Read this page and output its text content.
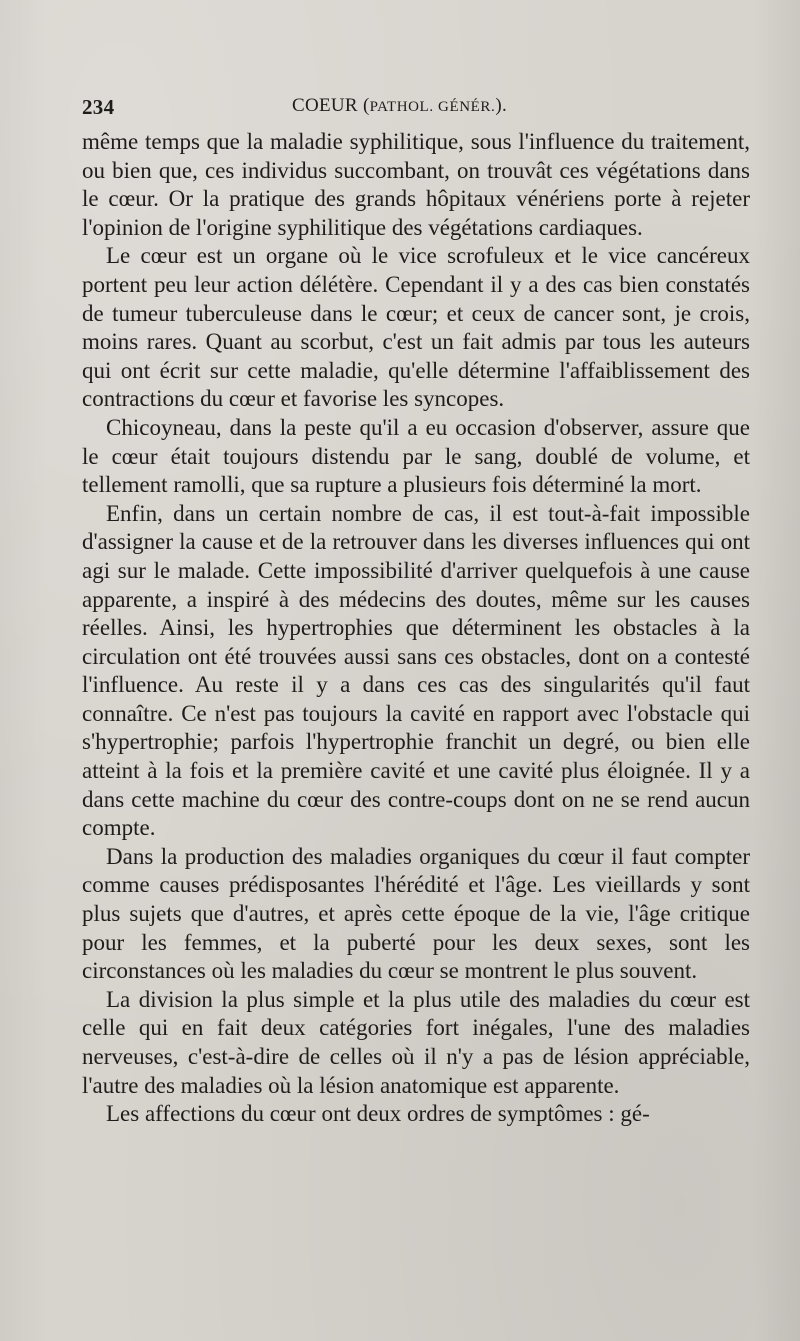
234	COEUR (PATHOL. GÉNÉR.).

même temps que la maladie syphilitique, sous l'influence du traitement, ou bien que, ces individus succombant, on trouvât ces végétations dans le cœur. Or la pratique des grands hôpitaux vénériens porte à rejeter l'opinion de l'origine syphilitique des végétations cardiaques.

Le cœur est un organe où le vice scrofuleux et le vice cancéreux portent peu leur action délétère. Cependant il y a des cas bien constatés de tumeur tuberculeuse dans le cœur; et ceux de cancer sont, je crois, moins rares. Quant au scorbut, c'est un fait admis par tous les auteurs qui ont écrit sur cette maladie, qu'elle détermine l'affaiblissement des contractions du cœur et favorise les syncopes.

Chicoyneau, dans la peste qu'il a eu occasion d'observer, assure que le cœur était toujours distendu par le sang, doublé de volume, et tellement ramolli, que sa rupture a plusieurs fois déterminé la mort.

Enfin, dans un certain nombre de cas, il est tout-à-fait impossible d'assigner la cause et de la retrouver dans les diverses influences qui ont agi sur le malade. Cette impossibilité d'arriver quelquefois à une cause apparente, a inspiré à des médecins des doutes, même sur les causes réelles. Ainsi, les hypertrophies que déterminent les obstacles à la circulation ont été trouvées aussi sans ces obstacles, dont on a contesté l'influence. Au reste il y a dans ces cas des singularités qu'il faut connaître. Ce n'est pas toujours la cavité en rapport avec l'obstacle qui s'hypertrophie; parfois l'hypertrophie franchit un degré, ou bien elle atteint à la fois et la première cavité et une cavité plus éloignée. Il y a dans cette machine du cœur des contre-coups dont on ne se rend aucun compte.

Dans la production des maladies organiques du cœur il faut compter comme causes prédisposantes l'hérédité et l'âge. Les vieillards y sont plus sujets que d'autres, et après cette époque de la vie, l'âge critique pour les femmes, et la puberté pour les deux sexes, sont les circonstances où les maladies du cœur se montrent le plus souvent.

La division la plus simple et la plus utile des maladies du cœur est celle qui en fait deux catégories fort inégales, l'une des maladies nerveuses, c'est-à-dire de celles où il n'y a pas de lésion appréciable, l'autre des maladies où la lésion anatomique est apparente.

Les affections du cœur ont deux ordres de symptômes : gé-
